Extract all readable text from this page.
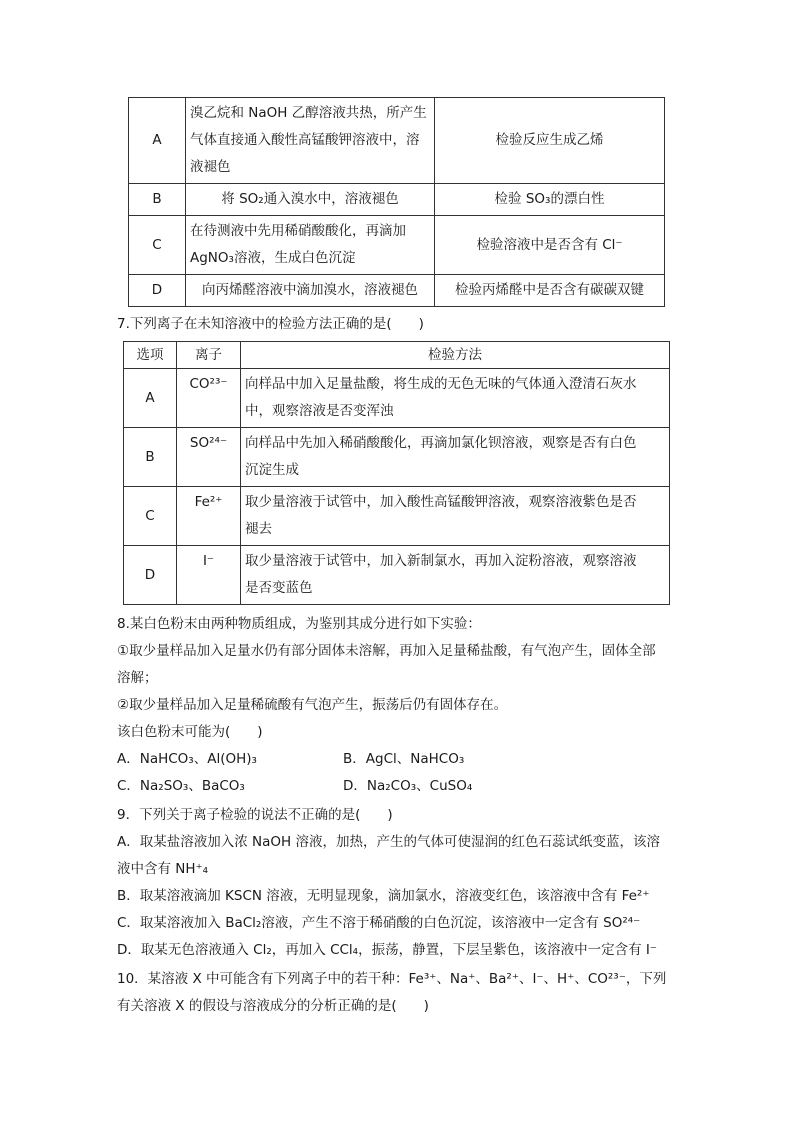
A	溴乙烷和 NaOH 乙醇溶液共热，所产生
气体直接通入酸性高锰酸钾溶液中，溶
液褪色	检验反应生成乙烯
B	将 SO₂通入溴水中，溶液褪色	检验 SO₃的漂白性
C	在待测液中先用稀硝酸酸化，再滴加
AgNO₃溶液，生成白色沉淀	检验溶液中是否含有 Cl⁻
D	向丙烯醛溶液中滴加溴水，溶液褪色	检验丙烯醛中是否含有碳碳双键
7.下列离子在未知溶液中的检验方法正确的是(　　)
选项	离子	检验方法
A	CO²³⁻	向样品中加入足量盐酸，将生成的无色无味的气体通入澄清石灰水
中，观察溶液是否变浑浊

B	SO²⁴⁻	向样品中先加入稀硝酸酸化，再滴加氯化钡溶液，观察是否有白色
沉淀生成

C	Fe²⁺	取少量溶液于试管中，加入酸性高锰酸钾溶液，观察溶液紫色是否
褪去

D	I⁻	取少量溶液于试管中，加入新制氯水，再加入淀粉溶液，观察溶液
是否变蓝色
8.某白色粉末由两种物质组成，为鉴别其成分进行如下实验：
①取少量样品加入足量水仍有部分固体未溶解，再加入足量稀盐酸，有气泡产生，固体全部
溶解；
②取少量样品加入足量稀硫酸有气泡产生，振荡后仍有固体存在。
该白色粉末可能为(　　)
A．NaHCO₃、Al(OH)₃	B．AgCl、NaHCO₃
C．Na₂SO₃、BaCO₃	D．Na₂CO₃、CuSO₄
9．下列关于离子检验的说法不正确的是(　　)
A．取某盐溶液加入浓 NaOH 溶液，加热，产生的气体可使湿润的红色石蕊试纸变蓝，该溶
液中含有 NH⁺₄
B．取某溶液滴加 KSCN 溶液，无明显现象，滴加氯水，溶液变红色，该溶液中含有 Fe²⁺
C．取某溶液加入 BaCl₂溶液，产生不溶于稀硝酸的白色沉淀，该溶液中一定含有 SO²⁴⁻
D．取某无色溶液通入 Cl₂，再加入 CCl₄，振荡，静置，下层呈紫色，该溶液中一定含有 I⁻
10．某溶液 X 中可能含有下列离子中的若干种：Fe³⁺、Na⁺、Ba²⁺、I⁻、H⁺、CO²³⁻，下列
有关溶液 X 的假设与溶液成分的分析正确的是(　　)
